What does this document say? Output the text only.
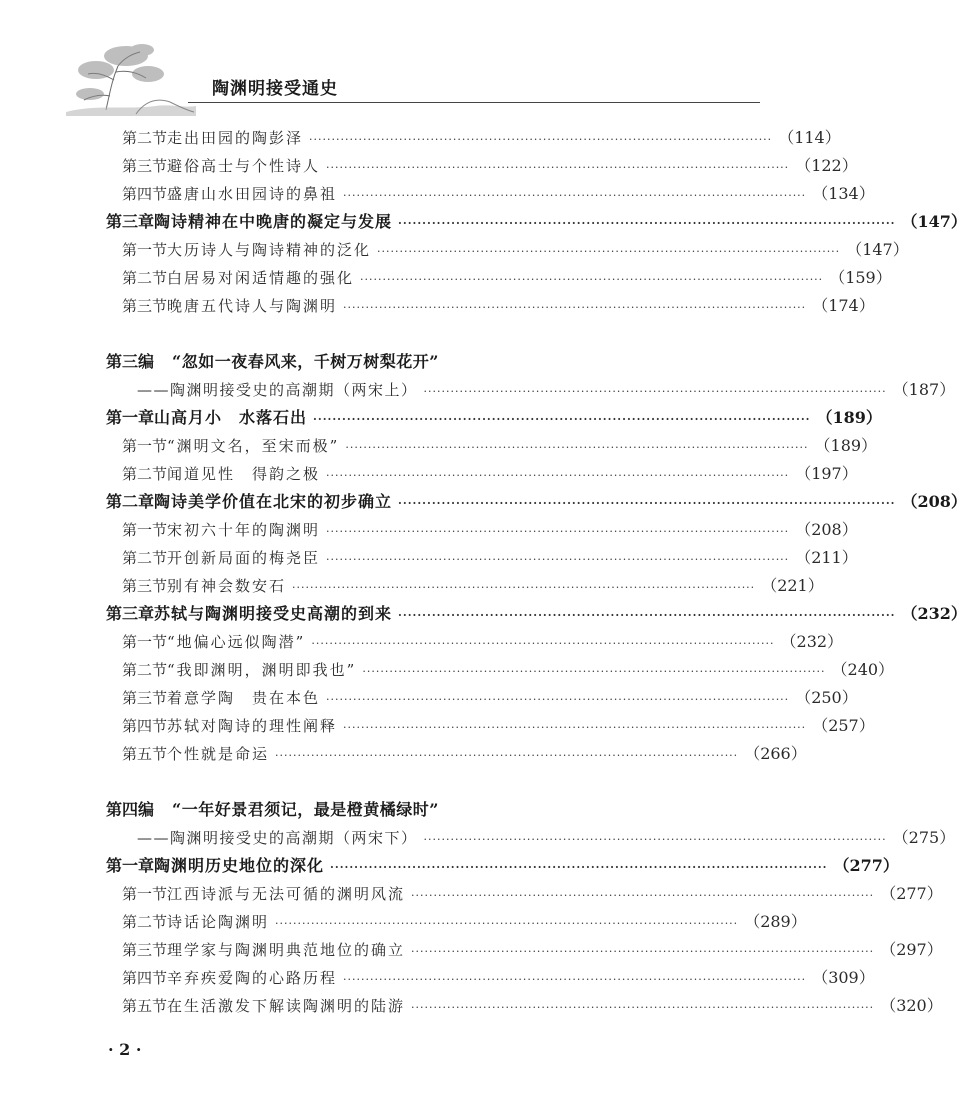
陶渊明接受通史
第二节 走出田园的陶彭泽 ······································································································· （114）
第三节 避俗高士与个性诗人 ······································································································· （122）
第四节 盛唐山水田园诗的鼻祖 ······································································································· （134）
第三章 陶诗精神在中晚唐的凝定与发展 ······································································································· （147）
第一节 大历诗人与陶诗精神的泛化 ······································································································· （147）
第二节 白居易对闲适情趣的强化 ······································································································· （159）
第三节 晚唐五代诗人与陶渊明 ······································································································· （174）
第三编	“忽如一夜春风来，千树万树梨花开”
——陶渊明接受史的高潮期（两宋上） ······································································································· （187）
第一章 山高月小　水落石出 ······································································································· （189）
第一节 “渊明文名，至宋而极” ······································································································· （189）
第二节 闻道见性　得韵之极 ······································································································· （197）
第二章 陶诗美学价值在北宋的初步确立 ······································································································· （208）
第一节 宋初六十年的陶渊明 ······································································································· （208）
第二节 开创新局面的梅尧臣 ······································································································· （211）
第三节 别有神会数安石 ······································································································· （221）
第三章 苏轼与陶渊明接受史高潮的到来 ······································································································· （232）
第一节 “地偏心远似陶潜” ······································································································· （232）
第二节 “我即渊明，渊明即我也” ······································································································· （240）
第三节 着意学陶　贵在本色 ······································································································· （250）
第四节 苏轼对陶诗的理性阐释 ······································································································· （257）
第五节 个性就是命运 ······································································································· （266）
第四编	“一年好景君须记，最是橙黄橘绿时”
——陶渊明接受史的高潮期（两宋下） ······································································································· （275）
第一章 陶渊明历史地位的深化 ······································································································· （277）
第一节 江西诗派与无法可循的渊明风流 ······································································································· （277）
第二节 诗话论陶渊明 ······································································································· （289）
第三节 理学家与陶渊明典范地位的确立 ······································································································· （297）
第四节 辛弃疾爱陶的心路历程 ······································································································· （309）
第五节 在生活激发下解读陶渊明的陆游 ······································································································· （320）
· 2 ·
